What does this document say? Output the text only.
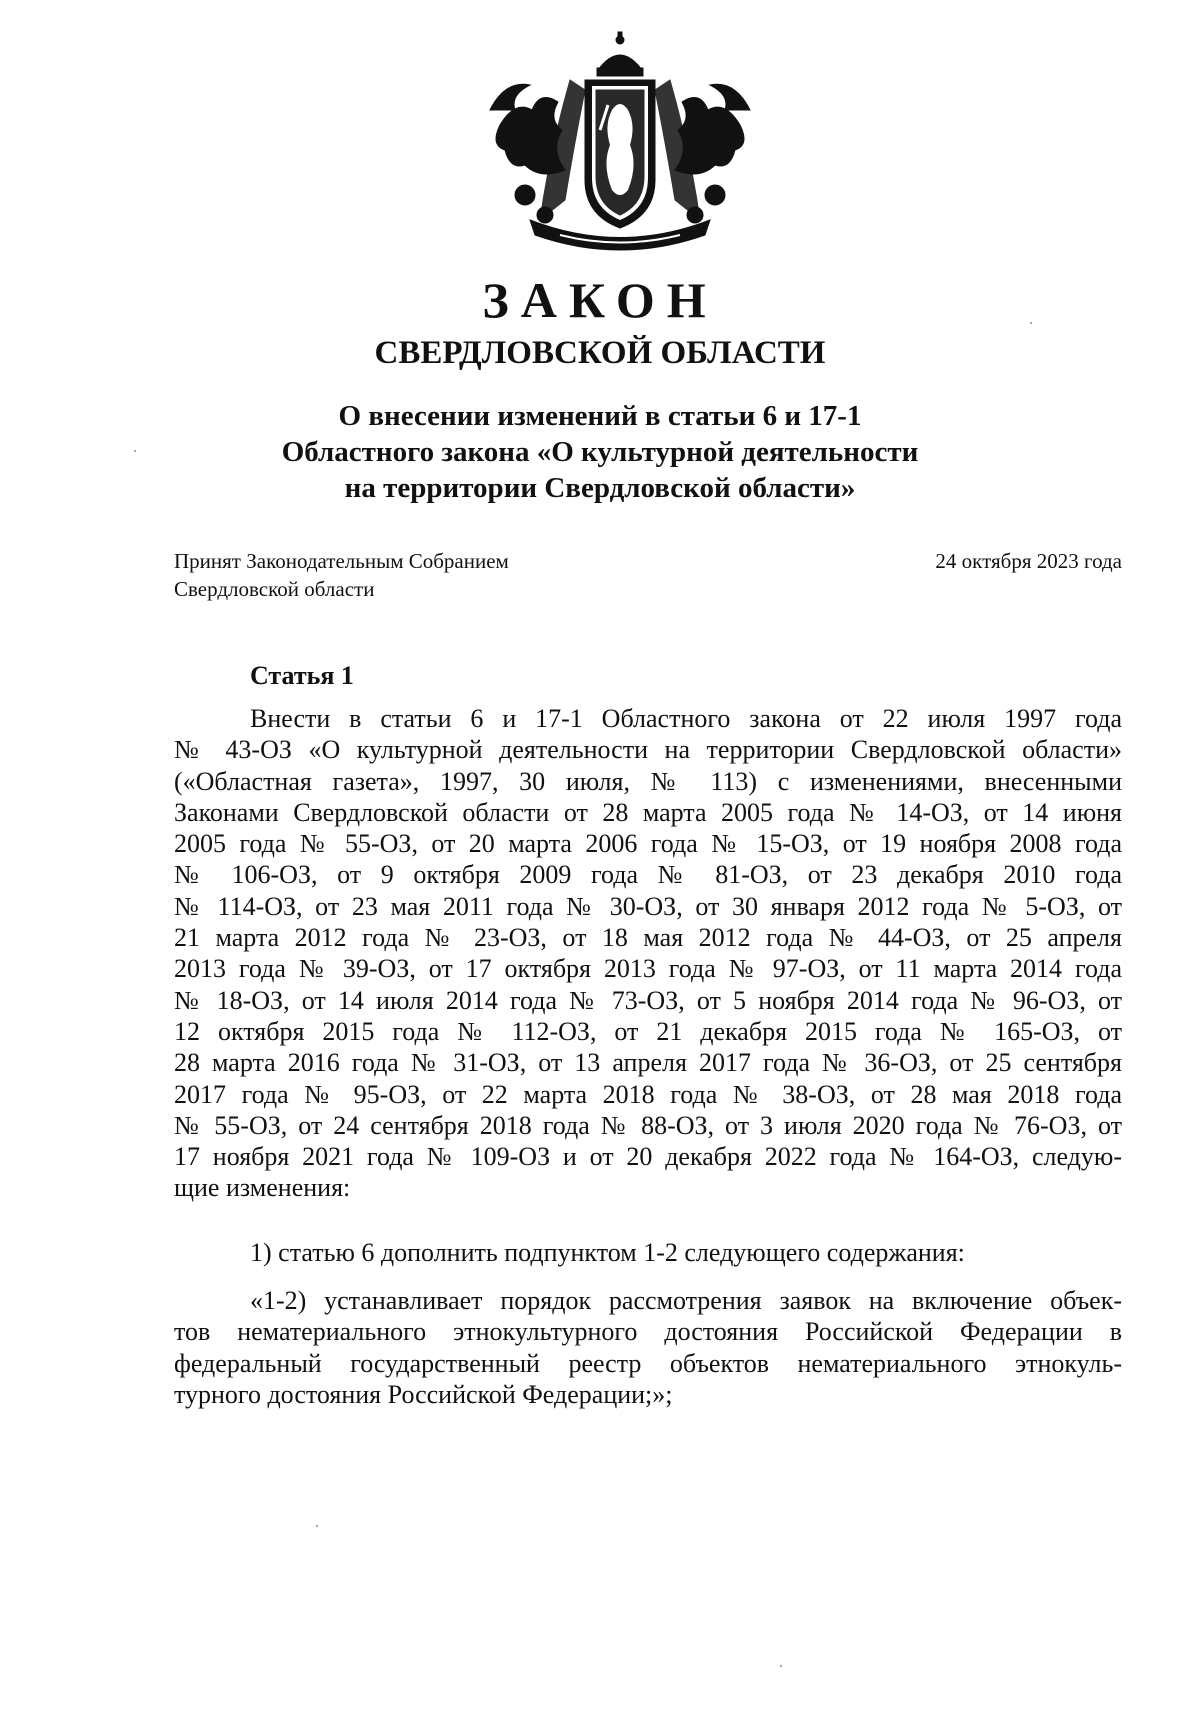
ЗАКОН
СВЕРДЛОВСКОЙ ОБЛАСТИ
О внесении изменений в статьи 6 и 17-1
Областного закона «О культурной деятельности
на территории Свердловской области»
Принят Законодательным Собранием
Свердловской области
24 октября 2023 года
Статья 1
Внести в статьи 6 и 17-1 Областного закона от 22 июля 1997 года
№ 43-ОЗ «О культурной деятельности на территории Свердловской области»
(«Областная газета», 1997, 30 июля, № 113) с изменениями, внесенными
Законами Свердловской области от 28 марта 2005 года № 14-ОЗ, от 14 июня
2005 года № 55-ОЗ, от 20 марта 2006 года № 15-ОЗ, от 19 ноября 2008 года
№ 106-ОЗ, от 9 октября 2009 года № 81-ОЗ, от 23 декабря 2010 года
№ 114-ОЗ, от 23 мая 2011 года № 30-ОЗ, от 30 января 2012 года № 5-ОЗ, от
21 марта 2012 года № 23-ОЗ, от 18 мая 2012 года № 44-ОЗ, от 25 апреля
2013 года № 39-ОЗ, от 17 октября 2013 года № 97-ОЗ, от 11 марта 2014 года
№ 18-ОЗ, от 14 июля 2014 года № 73-ОЗ, от 5 ноября 2014 года № 96-ОЗ, от
12 октября 2015 года № 112-ОЗ, от 21 декабря 2015 года № 165-ОЗ, от
28 марта 2016 года № 31-ОЗ, от 13 апреля 2017 года № 36-ОЗ, от 25 сентября
2017 года № 95-ОЗ, от 22 марта 2018 года № 38-ОЗ, от 28 мая 2018 года
№ 55-ОЗ, от 24 сентября 2018 года № 88-ОЗ, от 3 июля 2020 года № 76-ОЗ, от
17 ноября 2021 года № 109-ОЗ и от 20 декабря 2022 года № 164-ОЗ, следую-
щие изменения:
1) статью 6 дополнить подпунктом 1-2 следующего содержания:
«1-2) устанавливает порядок рассмотрения заявок на включение объек-
тов нематериального этнокультурного достояния Российской Федерации в
федеральный государственный реестр объектов нематериального этнокуль-
турного достояния Российской Федерации;»;
